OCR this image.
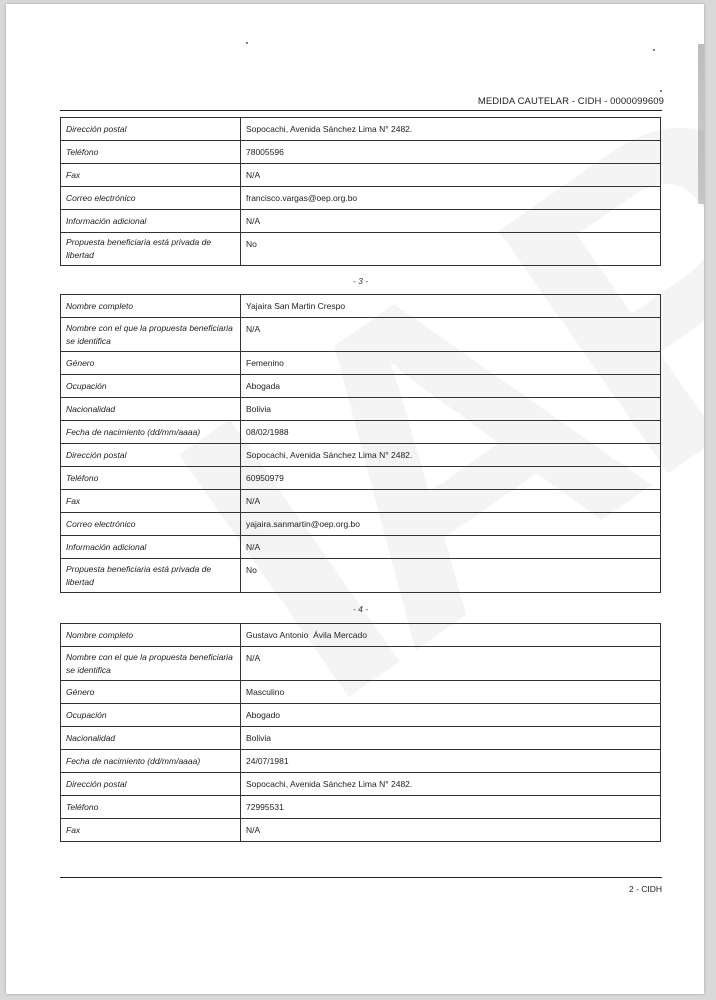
MEDIDA CAUTELAR - CIDH - 0000099609
Dirección postal	Sopocachi, Avenida Sánchez Lima N° 2482.
Teléfono	78005596
Fax	N/A
Correo electrónico	francisco.vargas@oep.org.bo
Información adicional	N/A
Propuesta beneficiaria está privada de libertad	No
- 3 -
Nombre completo	Yajaira San Martin Crespo
Nombre con el que la propuesta beneficiaria se identifica	N/A
Género	Femenino
Ocupación	Abogada
Nacionalidad	Bolivia
Fecha de nacimiento (dd/mm/aaaa)	08/02/1988
Dirección postal	Sopocachi, Avenida Sánchez Lima N° 2482.
Teléfono	60950979
Fax	N/A
Correo electrónico	yajaira.sanmartin@oep.org.bo
Información adicional	N/A
Propuesta beneficiaria está privada de libertad	No
- 4 -
Nombre completo	Gustavo Antonio  Ávila Mercado
Nombre con el que la propuesta beneficiaria se identifica	N/A
Género	Masculino
Ocupación	Abogado
Nacionalidad	Bolivia
Fecha de nacimiento (dd/mm/aaaa)	24/07/1981
Dirección postal	Sopocachi, Avenida Sánchez Lima N° 2482.
Teléfono	72995531
Fax	N/A
2 - CIDH
